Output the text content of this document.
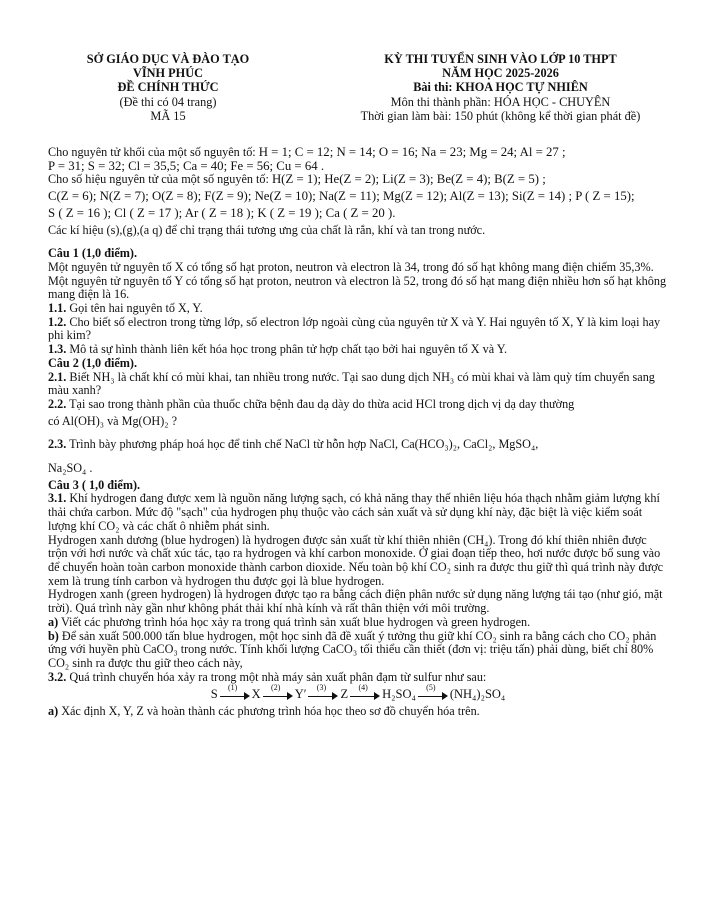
SỞ GIÁO DỤC VÀ ĐÀO TẠO
VĨNH PHÚC
ĐỀ CHÍNH THỨC
(Đề thi có 04 trang)
MÃ 15
KỲ THI TUYỂN SINH VÀO LỚP 10 THPT
NĂM HỌC 2025-2026
Bài thi: KHOA HỌC TỰ NHIÊN
Môn thi thành phần: HÓA HỌC - CHUYÊN
Thời gian làm bài: 150 phút (không kể thời gian phát đề)

Cho nguyên tử khối của một số nguyên tố: H = 1; C = 12; N = 14; O = 16; Na = 23; Mg = 24; Al = 27 ;

P = 31; S = 32; Cl = 35,5; Ca = 40; Fe = 56; Cu = 64 .

Cho số hiệu nguyên tử của một số nguyên tố: H(Z = 1); He(Z = 2); Li(Z = 3); Be(Z = 4); B(Z = 5) ;

C(Z = 6); N(Z = 7); O(Z = 8); F(Z = 9); Ne(Z = 10); Na(Z = 11); Mg(Z = 12); Al(Z = 13); Si(Z = 14) ; P ( Z = 15);

S ( Z = 16 ); Cl ( Z = 17 ); Ar ( Z = 18 ); K ( Z = 19 ); Ca ( Z = 20 ).

Các kí hiệu (s),(g),(a q) để chỉ trạng thái tương ưng của chất là rắn, khí và tan trong nước.

Câu 1 (1,0 điểm).

Một nguyên tử nguyên tố X có tổng số hạt proton, neutron và electron là 34, trong đó số hạt không mang điện chiếm 35,3%. Một nguyên tử nguyên tố Y có tổng số hạt proton, neutron và electron là 52, trong đó số hạt mang điện nhiều hơn số hạt không mang điện là 16.

1.1. Gọi tên hai nguyên tố X, Y.

1.2. Cho biết số electron trong từng lớp, số electron lớp ngoài cùng của nguyên tử X và Y. Hai nguyên tố X, Y là kim loại hay phi kim?

1.3. Mô tả sự hình thành liên kết hóa học trong phân tử hợp chất tạo bởi hai nguyên tố X và Y.

Câu 2 (1,0 điểm).

2.1. Biết NH₃ là chất khí có mùi khai, tan nhiều trong nước. Tại sao dung dịch NH₃ có mùi khai và làm quỳ tím chuyển sang màu xanh?

2.2. Tại sao trong thành phần của thuốc chữa bệnh đau dạ dày do thừa acid HCl trong dịch vị dạ day thường

có Al(OH)₃ và Mg(OH)₂ ?

2.3. Trình bày phương pháp hoá học để tinh chế NaCl từ hỗn hợp NaCl, Ca(HCO₃)₂, CaCl₂, MgSO₄,

Na₂SO₄ .

Câu 3 ( 1,0 điểm).

3.1. Khí hydrogen đang được xem là nguồn năng lượng sạch, có khả năng thay thế nhiên liệu hóa thạch nhằm giảm lượng khí thải chứa carbon. Mức độ "sạch" của hydrogen phụ thuộc vào cách sản xuất và sử dụng khí này, đặc biệt là việc kiểm soát lượng khí CO₂ và các chất ô nhiễm phát sinh.

Hydrogen xanh dương (blue hydrogen) là hydrogen được sản xuất từ khí thiên nhiên (CH₄). Trong đó khí thiên nhiên được trộn với hơi nước và chất xúc tác, tạo ra hydrogen và khí carbon monoxide. Ở giai đoạn tiếp theo, hơi nước được bổ sung vào để chuyển hoàn toàn carbon monoxide thành carbon dioxide. Nếu toàn bộ khí CO₂ sinh ra được thu giữ thì quá trình này được xem là trung tính carbon và hydrogen thu được gọi là blue hydrogen.

Hydrogen xanh (green hydrogen) là hydrogen được tạo ra bằng cách điện phân nước sử dụng năng lượng tái tạo (như gió, mặt trời). Quá trình này gần như không phát thải khí nhà kính và rất thân thiện với môi trường.

a) Viết các phương trình hóa học xảy ra trong quá trình sản xuất blue hydrogen và green hydrogen.

b) Để sản xuất 500.000 tấn blue hydrogen, một học sinh đã đề xuất ý tưởng thu giữ khí CO₂ sinh ra bằng cách cho CO₂ phản ứng với huyền phù CaCO₃ trong nước. Tính khối lượng CaCO₃ tối thiểu cần thiết (đơn vị: triệu tấn) phải dùng, biết chỉ 80% CO₂ sinh ra được thu giữ theo cách này,

3.2. Quá trình chuyển hóa xảy ra trong một nhà máy sản xuất phân đạm từ sulfur như sau:

S	(1)	X	(2)	Y′	(3)	Z	(4)	H₂SO₄	(5)	(NH₄)₂SO₄

a) Xác định X, Y, Z và hoàn thành các phương trình hóa học theo sơ đồ chuyển hóa trên.
